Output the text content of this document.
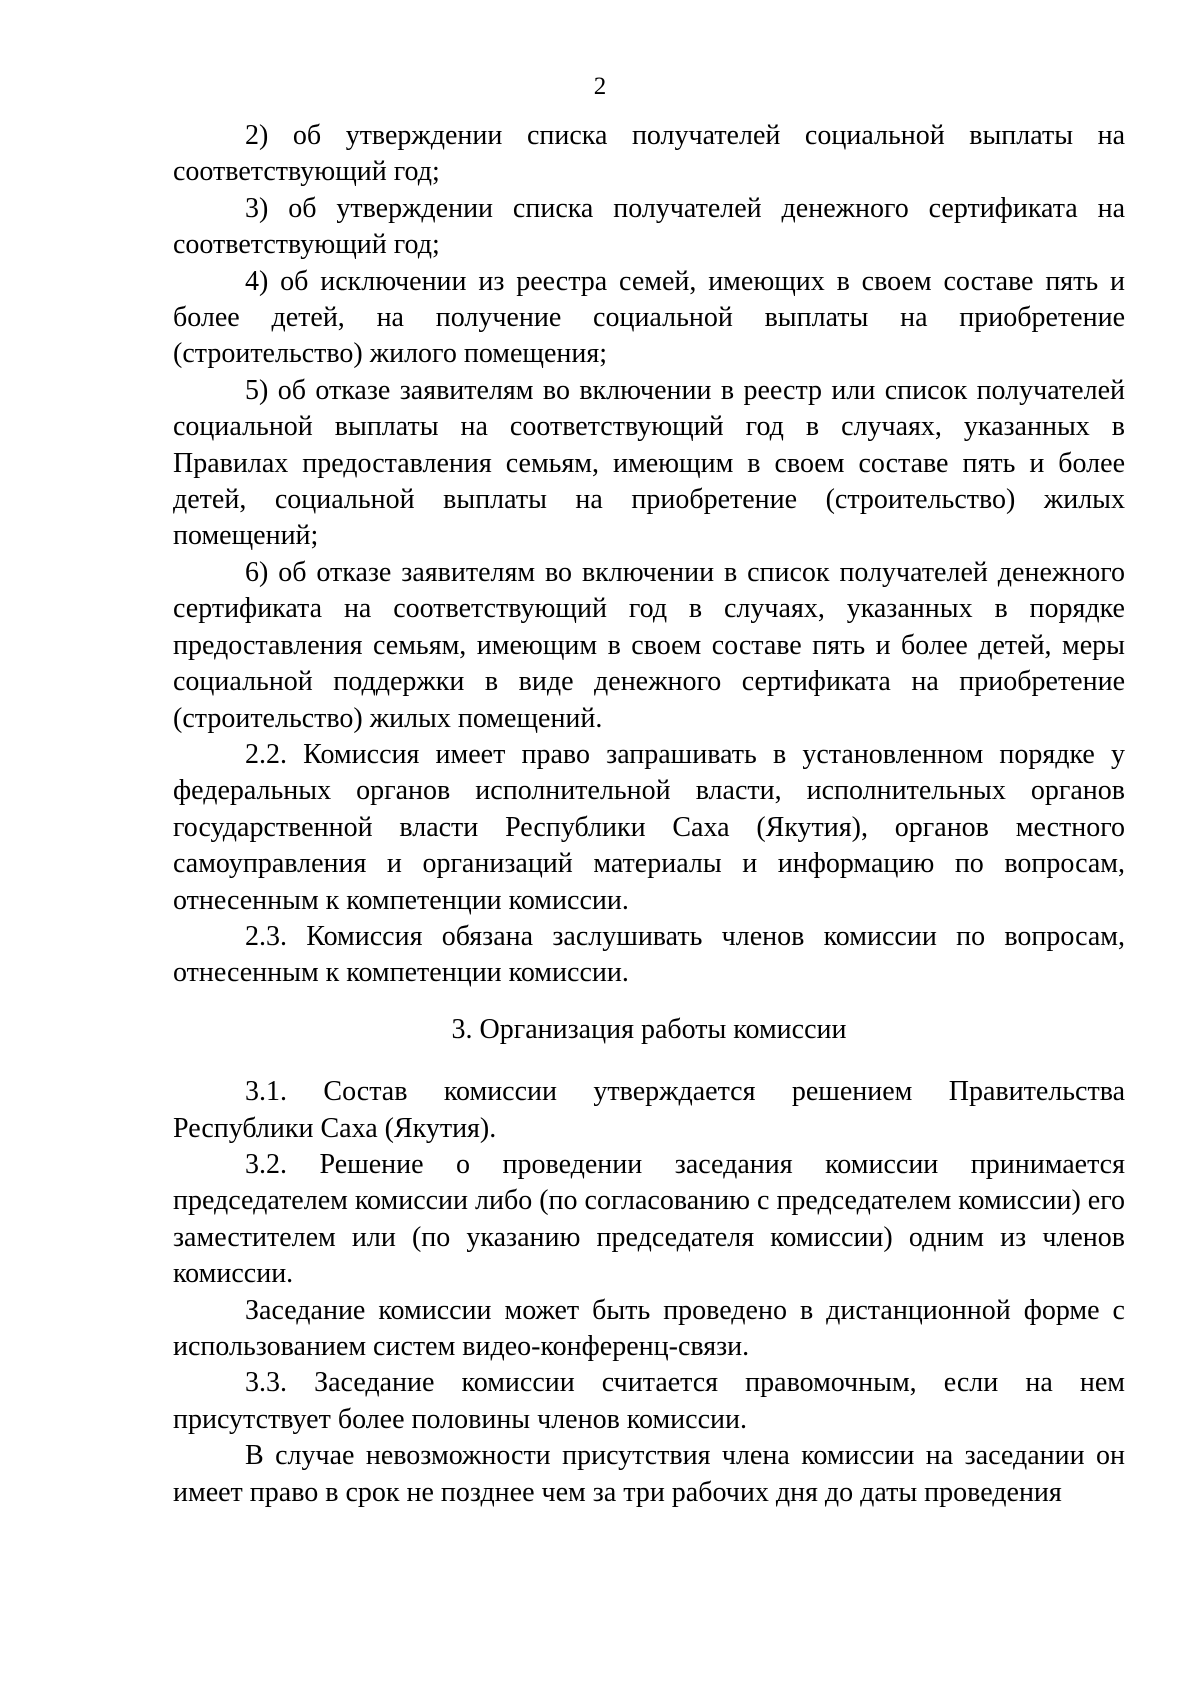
2

2) об утверждении списка получателей социальной выплаты на соответствующий год;

3) об утверждении списка получателей денежного сертификата на соответствующий год;

4) об исключении из реестра семей, имеющих в своем составе пять и более детей, на получение социальной выплаты на приобретение (строительство) жилого помещения;

5) об отказе заявителям во включении в реестр или список получателей социальной выплаты на соответствующий год в случаях, указанных в Правилах предоставления семьям, имеющим в своем составе пять и более детей, социальной выплаты на приобретение (строительство) жилых помещений;

6) об отказе заявителям во включении в список получателей денежного сертификата на соответствующий год в случаях, указанных в порядке предоставления семьям, имеющим в своем составе пять и более детей, меры социальной поддержки в виде денежного сертификата на приобретение (строительство) жилых помещений.

2.2. Комиссия имеет право запрашивать в установленном порядке у федеральных органов исполнительной власти, исполнительных органов государственной власти Республики Саха (Якутия), органов местного самоуправления и организаций материалы и информацию по вопросам, отнесенным к компетенции комиссии.

2.3. Комиссия обязана заслушивать членов комиссии по вопросам, отнесенным к компетенции комиссии.

3. Организация работы комиссии

3.1. Состав комиссии утверждается решением Правительства Республики Саха (Якутия).

3.2. Решение о проведении заседания комиссии принимается председателем комиссии либо (по согласованию с председателем комиссии) его заместителем или (по указанию председателя комиссии) одним из членов комиссии.

Заседание комиссии может быть проведено в дистанционной форме с использованием систем видео-конференц-связи.

3.3. Заседание комиссии считается правомочным, если на нем присутствует более половины членов комиссии.

В случае невозможности присутствия члена комиссии на заседании он имеет право в срок не позднее чем за три рабочих дня до даты проведения
